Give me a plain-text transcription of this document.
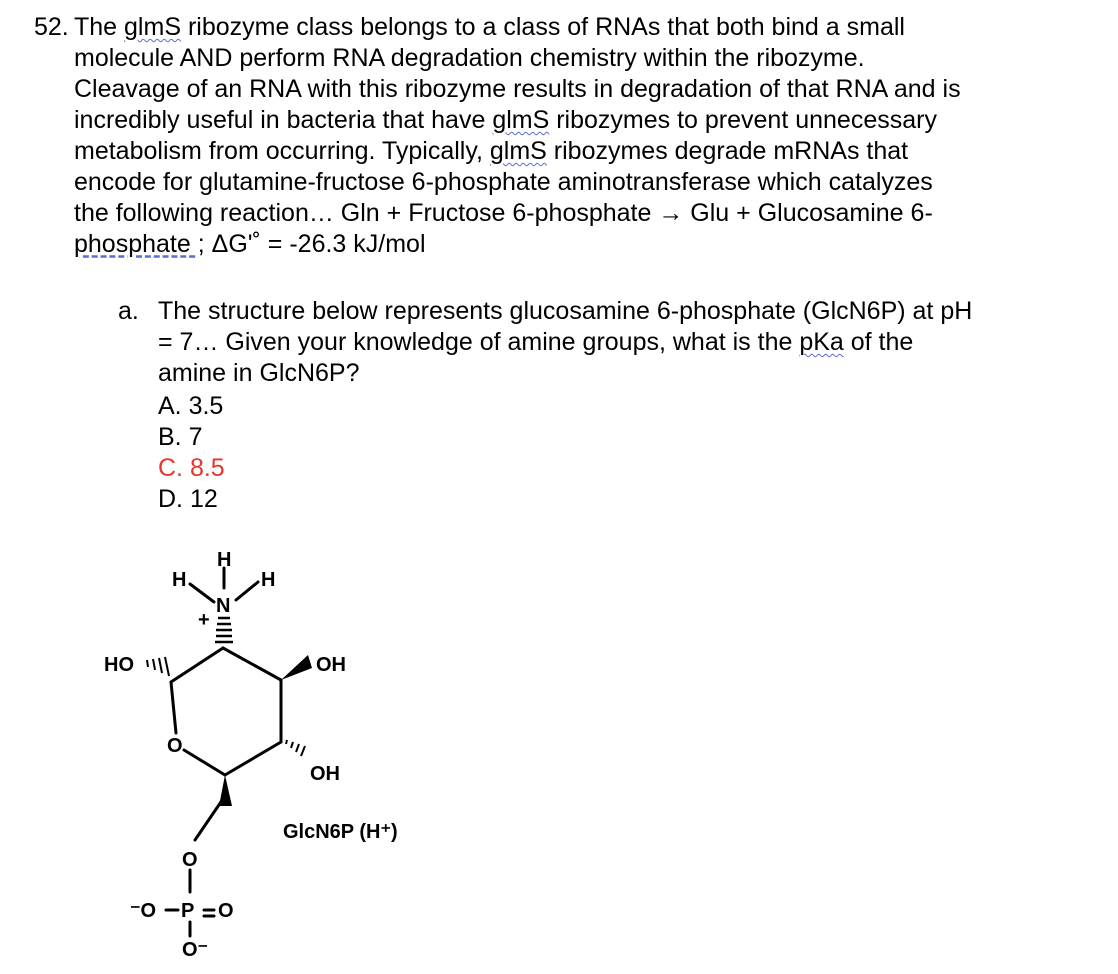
52. The glmS ribozyme class belongs to a class of RNAs that both bind a small
molecule AND perform RNA degradation chemistry within the ribozyme.
Cleavage of an RNA with this ribozyme results in degradation of that RNA and is
incredibly useful in bacteria that have glmS ribozymes to prevent unnecessary
metabolism from occurring. Typically, glmS ribozymes degrade mRNAs that
encode for glutamine-fructose 6-phosphate aminotransferase which catalyzes
the following reaction… Gln + Fructose 6-phosphate → Glu + Glucosamine 6-
phosphate ; ΔG'˚ = -26.3 kJ/mol
a. The structure below represents glucosamine 6-phosphate (GlcN6P) at pH
= 7… Given your knowledge of amine groups, what is the pKa of the
amine in GlcN6P?
A. 3.5
B. 7
C. 8.5
D. 12
H
H	H
N
+
HO	OH
OH
O
O
⁻O P O
O⁻
GlcN6P (H⁺)
